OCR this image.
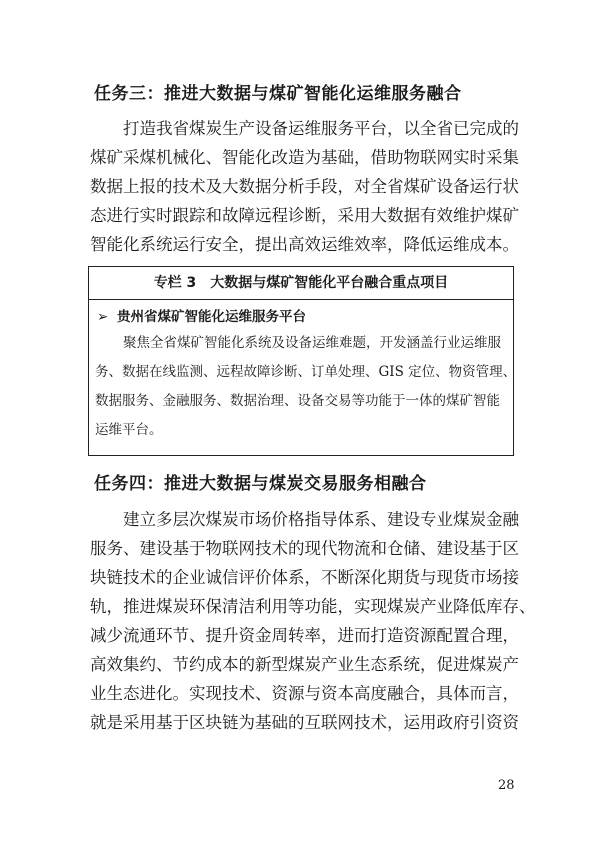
任务三：推进大数据与煤矿智能化运维服务融合
打造我省煤炭生产设备运维服务平台，以全省已完成的
煤矿采煤机械化、智能化改造为基础，借助物联网实时采集
数据上报的技术及大数据分析手段，对全省煤矿设备运行状
态进行实时跟踪和故障远程诊断，采用大数据有效维护煤矿
智能化系统运行安全，提出高效运维效率，降低运维成本。
专栏 3　大数据与煤矿智能化平台融合重点项目
➢ 贵州省煤矿智能化运维服务平台
聚焦全省煤矿智能化系统及设备运维难题，开发涵盖行业运维服
务、数据在线监测、远程故障诊断、订单处理、GIS 定位、物资管理、
数据服务、金融服务、数据治理、设备交易等功能于一体的煤矿智能
运维平台。
任务四：推进大数据与煤炭交易服务相融合
建立多层次煤炭市场价格指导体系、建设专业煤炭金融
服务、建设基于物联网技术的现代物流和仓储、建设基于区
块链技术的企业诚信评价体系，不断深化期货与现货市场接
轨，推进煤炭环保清洁利用等功能，实现煤炭产业降低库存、
减少流通环节、提升资金周转率，进而打造资源配置合理，
高效集约、节约成本的新型煤炭产业生态系统，促进煤炭产
业生态进化。实现技术、资源与资本高度融合，具体而言，
就是采用基于区块链为基础的互联网技术，运用政府引资资
28
